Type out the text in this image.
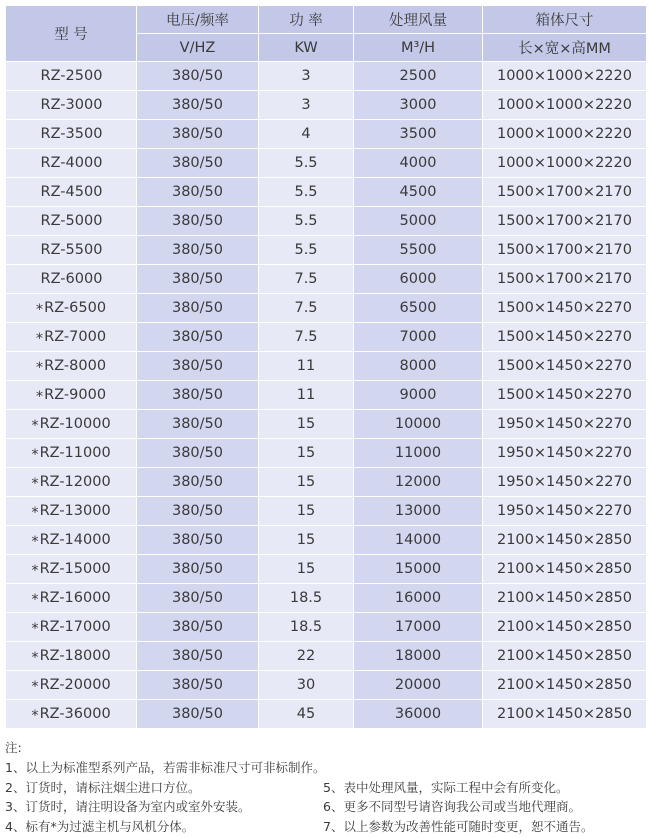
型 号	电压/频率	功 率	处理风量	箱体尺寸
	V/HZ	KW	M³/H	长×宽×高MM
RZ-2500	380/50	3	2500	1000×1000×2220
RZ-3000	380/50	3	3000	1000×1000×2220
RZ-3500	380/50	4	3500	1000×1000×2220
RZ-4000	380/50	5.5	4000	1000×1000×2220
RZ-4500	380/50	5.5	4500	1500×1700×2170
RZ-5000	380/50	5.5	5000	1500×1700×2170
RZ-5500	380/50	5.5	5500	1500×1700×2170
RZ-6000	380/50	7.5	6000	1500×1700×2170
*RZ-6500	380/50	7.5	6500	1500×1450×2270
*RZ-7000	380/50	7.5	7000	1500×1450×2270
*RZ-8000	380/50	11	8000	1500×1450×2270
*RZ-9000	380/50	11	9000	1500×1450×2270
*RZ-10000	380/50	15	10000	1950×1450×2270
*RZ-11000	380/50	15	11000	1950×1450×2270
*RZ-12000	380/50	15	12000	1950×1450×2270
*RZ-13000	380/50	15	13000	1950×1450×2270
*RZ-14000	380/50	15	14000	2100×1450×2850
*RZ-15000	380/50	15	15000	2100×1450×2850
*RZ-16000	380/50	18.5	16000	2100×1450×2850
*RZ-17000	380/50	18.5	17000	2100×1450×2850
*RZ-18000	380/50	22	18000	2100×1450×2850
*RZ-20000	380/50	30	20000	2100×1450×2850
*RZ-36000	380/50	45	36000	2100×1450×2850
注:
1、以上为标准型系列产品，若需非标准尺寸可非标制作。
2、订货时，请标注烟尘进口方位。	5、表中处理风量，实际工程中会有所变化。
3、订货时，请注明设备为室内或室外安装。	6、更多不同型号请咨询我公司或当地代理商。
4、标有*为过滤主机与风机分体。	7、以上参数为改善性能可随时变更，恕不通告。
